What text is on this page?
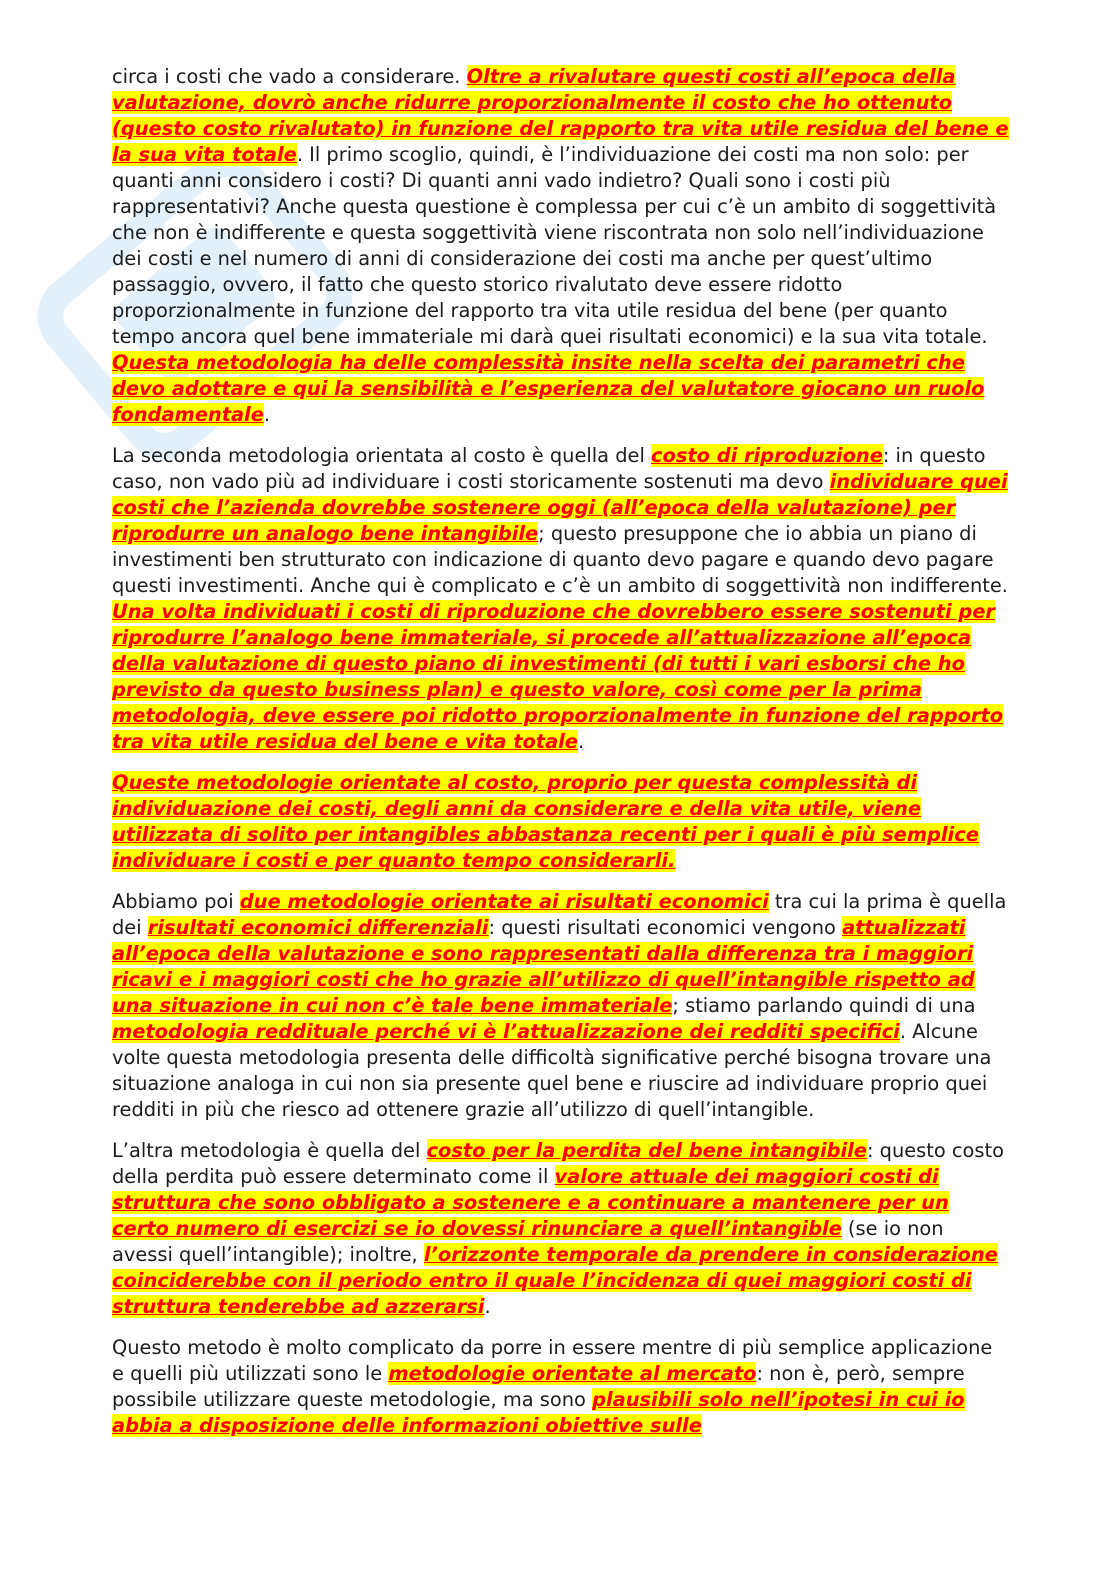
circa i costi che vado a considerare. Oltre a rivalutare questi costi all’epoca della valutazione, dovrò anche ridurre proporzionalmente il costo che ho ottenuto (questo costo rivalutato) in funzione del rapporto tra vita utile residua del bene e la sua vita totale. Il primo scoglio, quindi, è l’individuazione dei costi ma non solo: per quanti anni considero i costi? Di quanti anni vado indietro? Quali sono i costi più rappresentativi? Anche questa questione è complessa per cui c’è un ambito di soggettività che non è indifferente e questa soggettività viene riscontrata non solo nell’individuazione dei costi e nel numero di anni di considerazione dei costi ma anche per quest’ultimo passaggio, ovvero, il fatto che questo storico rivalutato deve essere ridotto proporzionalmente in funzione del rapporto tra vita utile residua del bene (per quanto tempo ancora quel bene immateriale mi darà quei risultati economici) e la sua vita totale. Questa metodologia ha delle complessità insite nella scelta dei parametri che devo adottare e qui la sensibilità e l’esperienza del valutatore giocano un ruolo fondamentale.

La seconda metodologia orientata al costo è quella del costo di riproduzione: in questo caso, non vado più ad individuare i costi storicamente sostenuti ma devo individuare quei costi che l’azienda dovrebbe sostenere oggi (all’epoca della valutazione) per riprodurre un analogo bene intangibile; questo presuppone che io abbia un piano di investimenti ben strutturato con indicazione di quanto devo pagare e quando devo pagare questi investimenti. Anche qui è complicato e c’è un ambito di soggettività non indifferente. Una volta individuati i costi di riproduzione che dovrebbero essere sostenuti per riprodurre l’analogo bene immateriale, si procede all’attualizzazione all’epoca della valutazione di questo piano di investimenti (di tutti i vari esborsi che ho previsto da questo business plan) e questo valore, così come per la prima metodologia, deve essere poi ridotto proporzionalmente in funzione del rapporto tra vita utile residua del bene e vita totale.

Queste metodologie orientate al costo, proprio per questa complessità di individuazione dei costi, degli anni da considerare e della vita utile, viene utilizzata di solito per intangibles abbastanza recenti per i quali è più semplice individuare i costi e per quanto tempo considerarli.

Abbiamo poi due metodologie orientate ai risultati economici tra cui la prima è quella dei risultati economici differenziali: questi risultati economici vengono attualizzati all’epoca della valutazione e sono rappresentati dalla differenza tra i maggiori ricavi e i maggiori costi che ho grazie all’utilizzo di quell’intangible rispetto ad una situazione in cui non c’è tale bene immateriale; stiamo parlando quindi di una metodologia reddituale perché vi è l’attualizzazione dei redditi specifici. Alcune volte questa metodologia presenta delle difficoltà significative perché bisogna trovare una situazione analoga in cui non sia presente quel bene e riuscire ad individuare proprio quei redditi in più che riesco ad ottenere grazie all’utilizzo di quell’intangible.

L’altra metodologia è quella del costo per la perdita del bene intangibile: questo costo della perdita può essere determinato come il valore attuale dei maggiori costi di struttura che sono obbligato a sostenere e a continuare a mantenere per un certo numero di esercizi se io dovessi rinunciare a quell’intangible (se io non avessi quell’intangible); inoltre, l’orizzonte temporale da prendere in considerazione coinciderebbe con il periodo entro il quale l’incidenza di quei maggiori costi di struttura tenderebbe ad azzerarsi.

Questo metodo è molto complicato da porre in essere mentre di più semplice applicazione e quelli più utilizzati sono le metodologie orientate al mercato: non è, però, sempre possibile utilizzare queste metodologie, ma sono plausibili solo nell’ipotesi in cui io abbia a disposizione delle informazioni obiettive sulle
